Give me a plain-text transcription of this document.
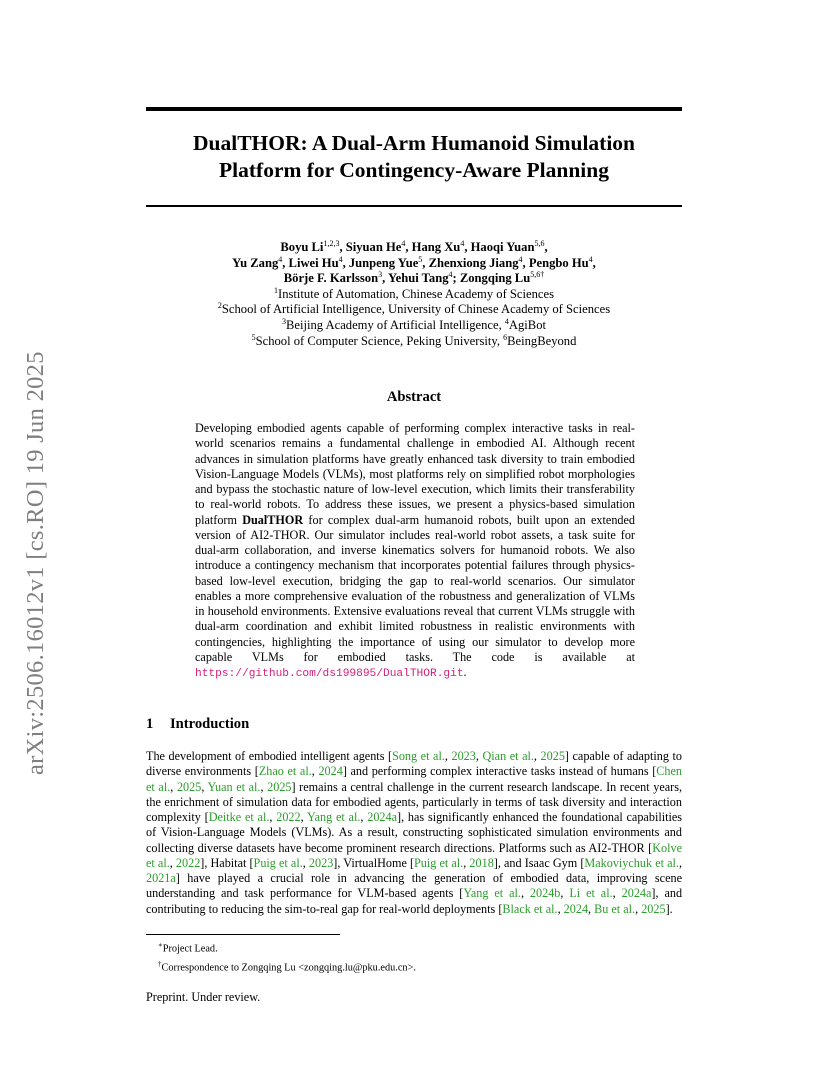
arXiv:2506.16012v1 [cs.RO] 19 Jun 2025
DualTHOR: A Dual-Arm Humanoid Simulation
Platform for Contingency-Aware Planning
Boyu Li$^{1,2,3}$, Siyuan He$^4$, Hang Xu$^4$, Haoqi Yuan$^{5,6}$,
Yu Zang$^4$, Liwei Hu$^4$, Junpeng Yue$^5$, Zhenxiong Jiang$^4$, Pengbo Hu$^4$,
Börje F. Karlsson$^3$, Yehui Tang$^4$; Zongqing $Lu^{5,6\dagger}$
$^1$Institute of Automation, Chinese Academy of Sciences
$^2$School of Artificial Intelligence, University of Chinese Academy of Sciences
$^3$Beijing Academy of Artificial Intelligence, $^4$AgiBot
$^5$School of Computer Science, Peking University, $^6$BeingBeyond
Abstract
Developing embodied agents capable of performing complex interactive tasks in real-world scenarios remains a fundamental challenge in embodied AI. Although recent advances in simulation platforms have greatly enhanced task diversity to train embodied Vision-Language Models (VLMs), most platforms rely on simplified robot morphologies and bypass the stochastic nature of low-level execution, which limits their transferability to real-world robots. To address these issues, we present a physics-based simulation platform DualTHOR for complex dual-arm humanoid robots, built upon an extended version of AI2-THOR. Our simulator includes real-world robot assets, a task suite for dual-arm collaboration, and inverse kinematics solvers for humanoid robots. We also introduce a contingency mechanism that incorporates potential failures through physics-based low-level execution, bridging the gap to real-world scenarios. Our simulator enables a more comprehensive evaluation of the robustness and generalization of VLMs in household environments. Extensive evaluations reveal that current VLMs struggle with dual-arm coordination and exhibit limited robustness in realistic environments with contingencies, highlighting the importance of using our simulator to develop more capable VLMs for embodied tasks. The code is available at https://github.com/ds199895/DualTHOR.git.
1 Introduction
The development of embodied intelligent agents [Song et al., 2023, Qian et al., 2025] capable of adapting to diverse environments [Zhao et al., 2024] and performing complex interactive tasks instead of humans [Chen et al., 2025, Yuan et al., 2025] remains a central challenge in the current research landscape. In recent years, the enrichment of simulation data for embodied agents, particularly in terms of task diversity and interaction complexity [Deitke et al., 2022, Yang et al., 2024a], has significantly enhanced the foundational capabilities of Vision-Language Models (VLMs). As a result, constructing sophisticated simulation environments and collecting diverse datasets have become prominent research directions. Platforms such as AI2-THOR [Kolve et al., 2022], Habitat [Puig et al., 2023], VirtualHome [Puig et al., 2018], and Isaac Gym [Makoviychuk et al., 2021a] have played a crucial role in advancing the generation of embodied data, improving scene understanding and task performance for VLM-based agents [Yang et al., 2024b, Li et al., 2024a], and contributing to reducing the sim-to-real gap for real-world deployments [Black et al., 2024, Bu et al., 2025].
∗Project Lead.
†Correspondence to Zongqing Lu <zongqing.lu@pku.edu.cn>.
Preprint. Under review.
